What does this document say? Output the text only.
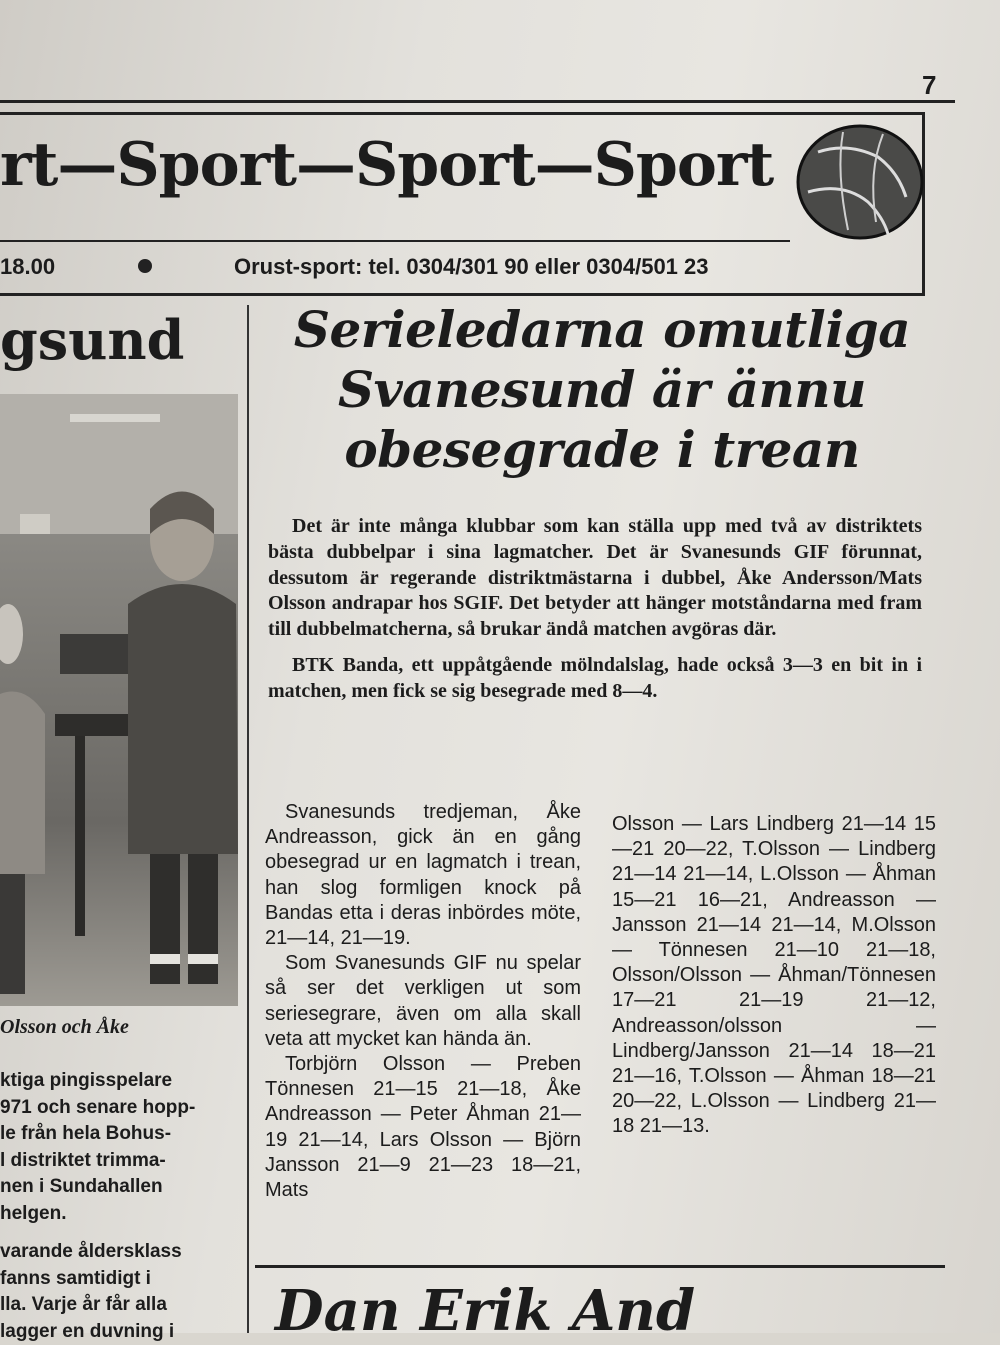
7
rt—Sport—Sport—Sport
18.00	Orust-sport: tel. 0304/301 90 eller 0304/501 23
gsund
Olsson och Åke

ktiga pingisspelare

971 och senare hopp-

le från hela Bohus-

l distriktet trimma-

nen i Sundahallen

helgen.

varande åldersklass

fanns samtidigt i

lla. Varje år får alla

lagger en duvning i

Serieledarna omutliga
Svanesund är ännu
obesegrade i trean

Det är inte många klubbar som kan ställa upp med två av distriktets bästa dubbelpar i sina lagmatcher. Det är Svanesunds GIF förunnat, dessutom är regerande distriktmästarna i dubbel, Åke Andersson/Mats Olsson andrapar hos SGIF. Det betyder att hänger motståndarna med fram till dubbelmatcherna, så brukar ändå matchen avgöras där.

BTK Banda, ett uppåtgående mölndalslag, hade också 3—3 en bit in i matchen, men fick se sig besegrade med 8—4.

Svanesunds tredjeman, Åke Andreasson, gick än en gång obesegrad ur en lagmatch i trean, han slog formligen knock på Bandas etta i deras inbördes möte, 21—14, 21—19.

Som Svanesunds GIF nu spelar så ser det verkligen ut som seriesegrare, även om alla skall veta att mycket kan hända än.

Torbjörn Olsson — Preben Tönnesen 21—15 21—18, Åke Andreasson — Peter Åhman 21—19 21—14, Lars Olsson — Björn Jansson 21—9 21—23 18—21, Mats

Olsson — Lars Lindberg 21—14 15—21 20—22, T.Olsson — Lindberg 21—14 21—14, L.Olsson — Åhman 15—21 16—21, Andreasson — Jansson 21—14 21—14, M.Olsson — Tönnesen 21—10 21—18, Olsson/Olsson — Åhman/Tönnesen 17—21 21—19 21—12, Andreasson/olsson — Lindberg/Jansson 21—14 18—21 21—16, T.Olsson — Åhman 18—21 20—22, L.Olsson — Lindberg 21—18 21—13.

Dan Erik And
